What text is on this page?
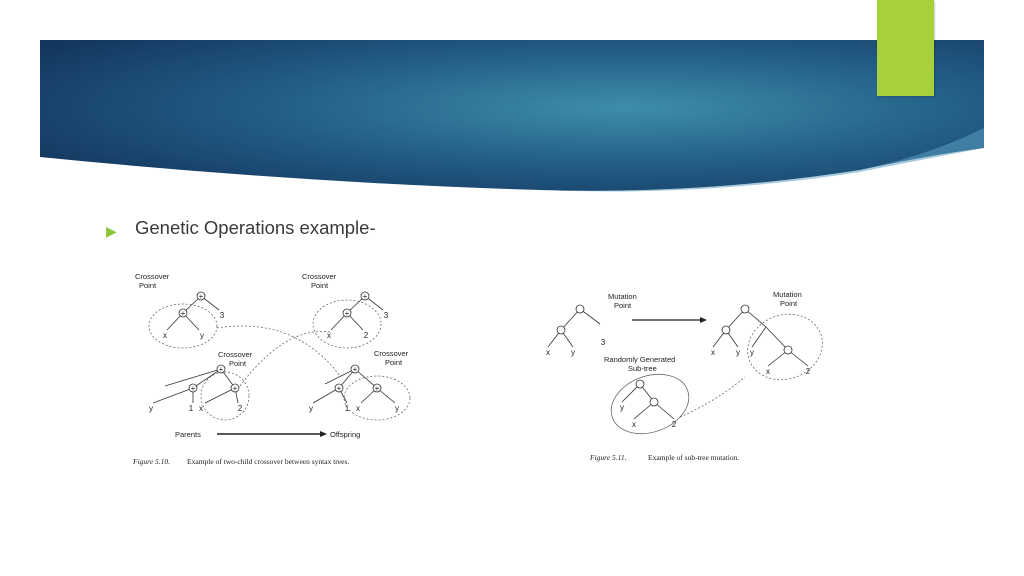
▶ Genetic Operations example-
+
+
+
+	+
+
+
+
+	+
x	y
3
y	1 x	2
x	2
3
y	1 x	y
Crossover
Point
Crossover
Point
Crossover
Point
Crossover
Point
Parents	Offspring
Figure 5.10. Example of two-child crossover between syntax trees.
x	y
3
x	y y
x	2
y
x	2
Mutation
Point
Mutation
Point
Randomly Generated
Sub-tree
Figure 5.11.	Example of sub-tree mutation.
